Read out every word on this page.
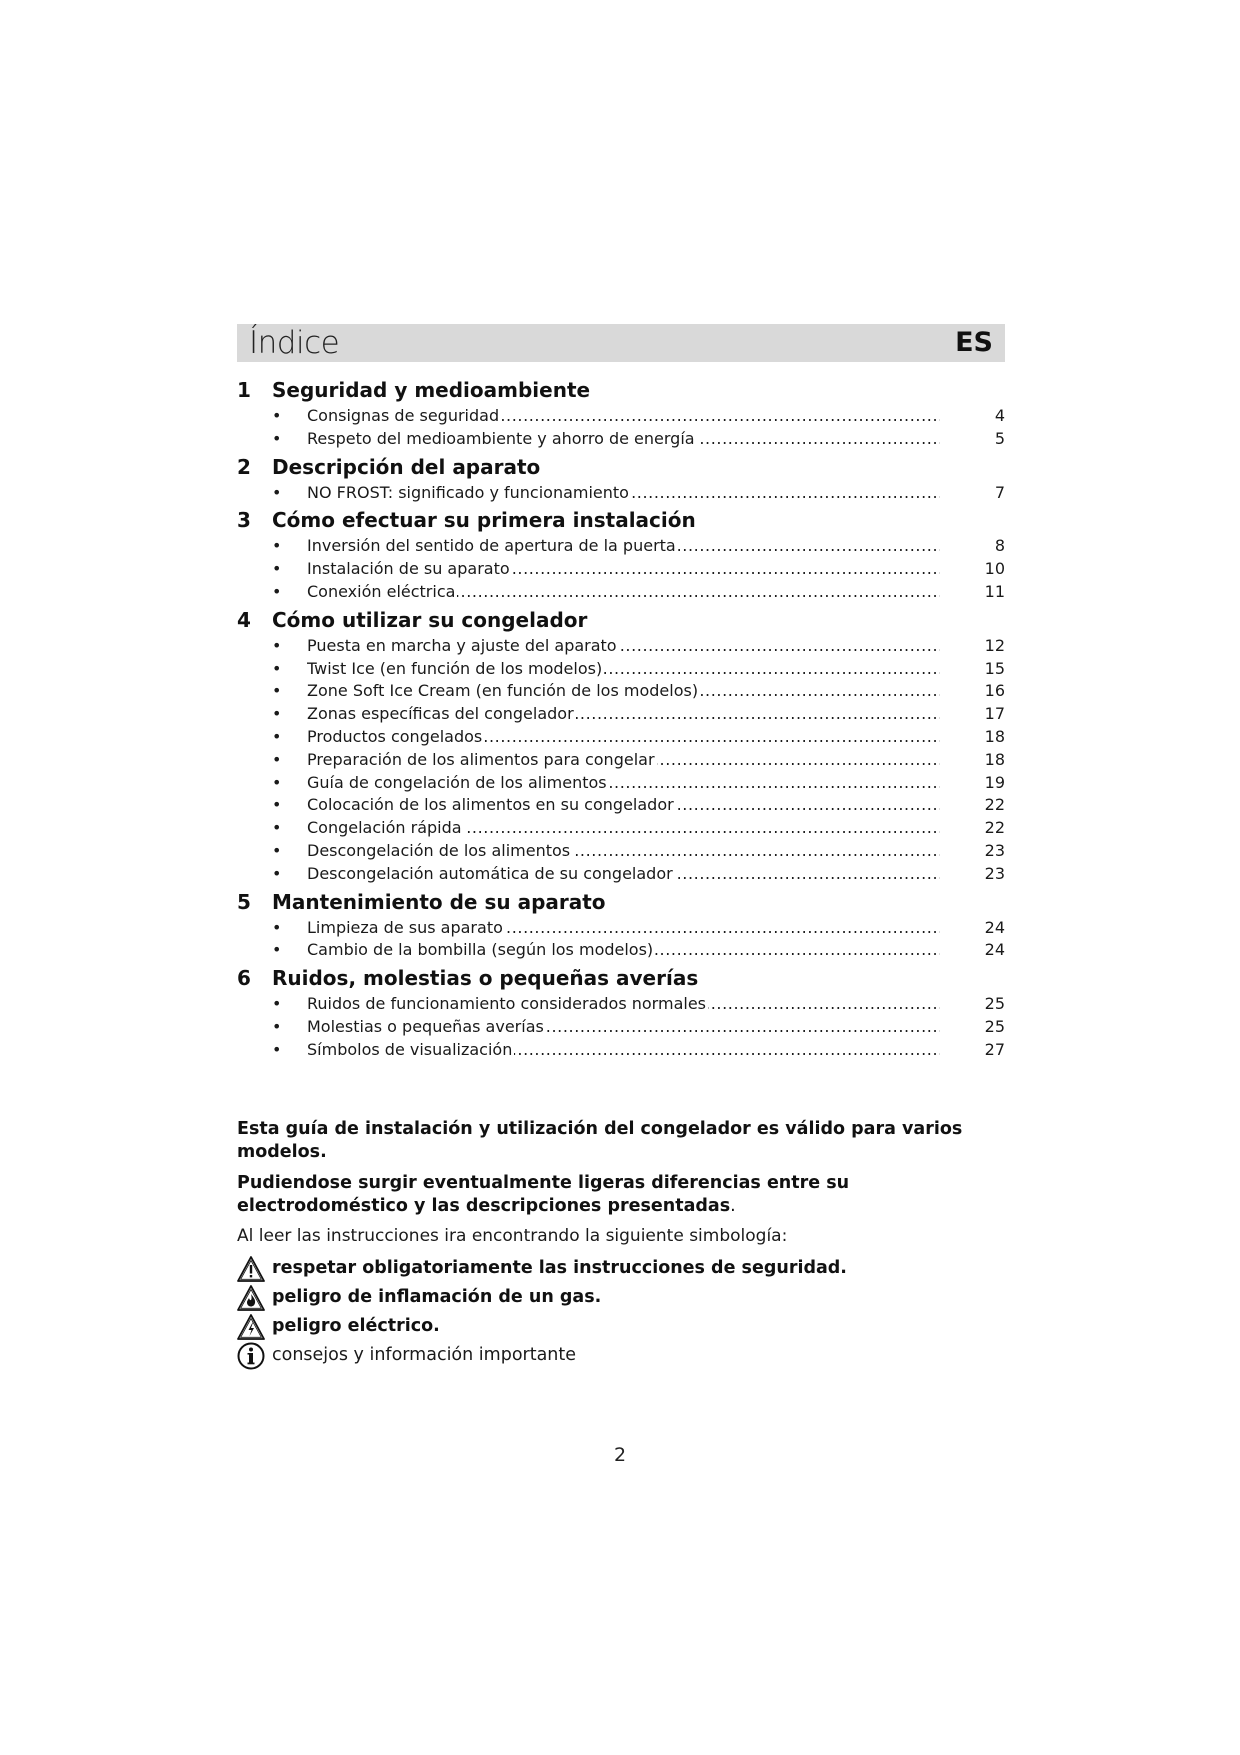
Índice	ES
1 Seguridad y medioambiente
•	Consignas de seguridad .....	4
•	Respeto del medioambiente y ahorro de energía .....	5
2 Descripción del aparato
•	NO FROST: significado y funcionamiento .....	7
3 Cómo efectuar su primera instalación
•	Inversión del sentido de apertura de la puerta .....	8
•	Instalación de su aparato .....	10
•	Conexión eléctrica .....	11
4 Cómo utilizar su congelador
•	Puesta en marcha y ajuste del aparato .....	12
•	Twist Ice (en función de los modelos) .....	15
•	Zone Soft Ice Cream (en función de los modelos) .....	16
•	Zonas específicas del congelador .....	17
•	Productos congelados .....	18
•	Preparación de los alimentos para congelar .....	18
•	Guía de congelación de los alimentos .....	19
•	Colocación de los alimentos en su congelador .....	22
•	Congelación rápida .....	22
•	Descongelación de los alimentos .....	23
•	Descongelación automática de su congelador .....	23
5 Mantenimiento de su aparato
•	Limpieza de sus aparato .....	24
•	Cambio de la bombilla (según los modelos) .....	24
6 Ruidos, molestias o pequeñas averías
•	Ruidos de funcionamiento considerados normales .....	25
•	Molestias o pequeñas averías .....	25
•	Símbolos de visualización .....	27

Esta guía de instalación y utilización del congelador es válido para varios modelos.

Pudiendose surgir eventualmente ligeras diferencias entre su electrodoméstico y las descripciones presentadas.

Al leer las instrucciones ira encontrando la siguiente simbología:

respetar obligatoriamente las instrucciones de seguridad.
peligro de inflamación de un gas.
peligro eléctrico.
consejos y información importante
2
